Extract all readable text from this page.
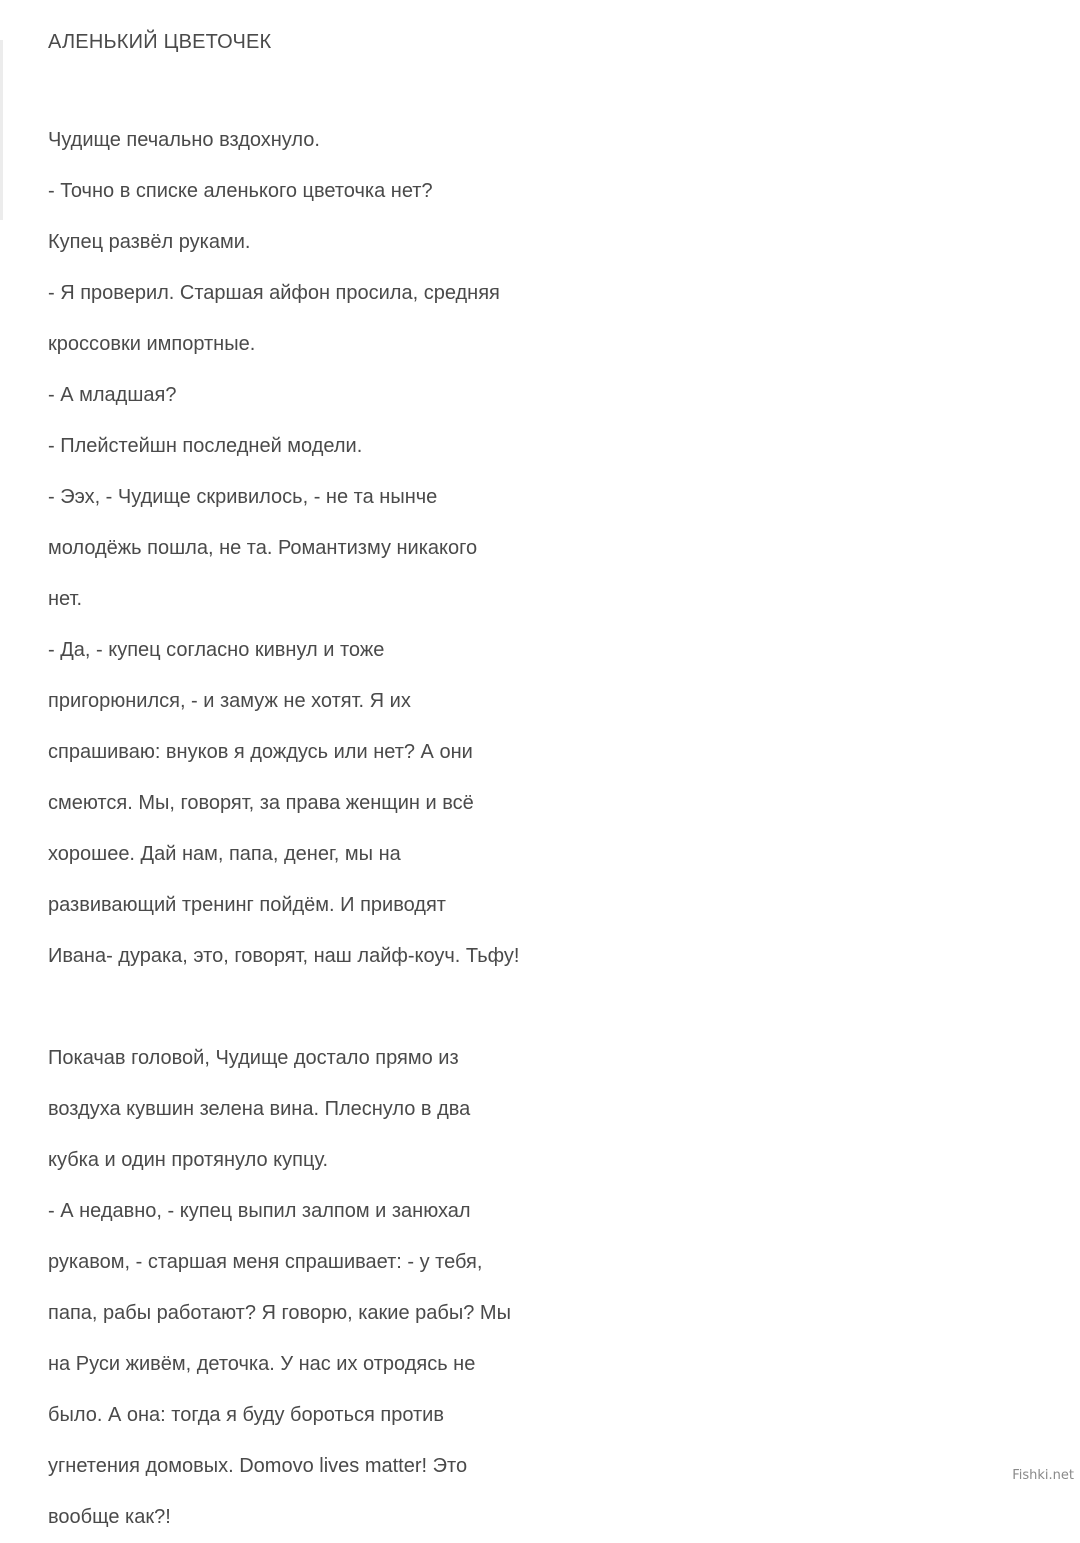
АЛЕНЬКИЙ ЦВЕТОЧЕК
Чудище печально вздохнуло.
- Точно в списке аленького цветочка нет?
Купец развёл руками.
- Я проверил. Старшая айфон просила, средняя
кроссовки импортные.
- А младшая?
- Плейстейшн последней модели.
- Ээх, - Чудище скривилось, - не та нынче
молодёжь пошла, не та. Романтизму никакого
нет.
- Да, - купец согласно кивнул и тоже
пригорюнился, - и замуж не хотят. Я их
спрашиваю: внуков я дождусь или нет? А они
смеются. Мы, говорят, за права женщин и всё
хорошее. Дай нам, папа, денег, мы на
развивающий тренинг пойдём. И приводят
Ивана- дурака, это, говорят, наш лайф-коуч. Тьфу!
Покачав головой, Чудище достало прямо из
воздуха кувшин зелена вина. Плеснуло в два
кубка и один протянуло купцу.
- А недавно, - купец выпил залпом и занюхал
рукавом, - старшая меня спрашивает: - у тебя,
папа, рабы работают? Я говорю, какие рабы? Мы
на Руси живём, деточка. У нас их отродясь не
было. А она: тогда я буду бороться против
угнетения домовых. Domovo lives matter! Это
вообще как?!
Fishki.net
